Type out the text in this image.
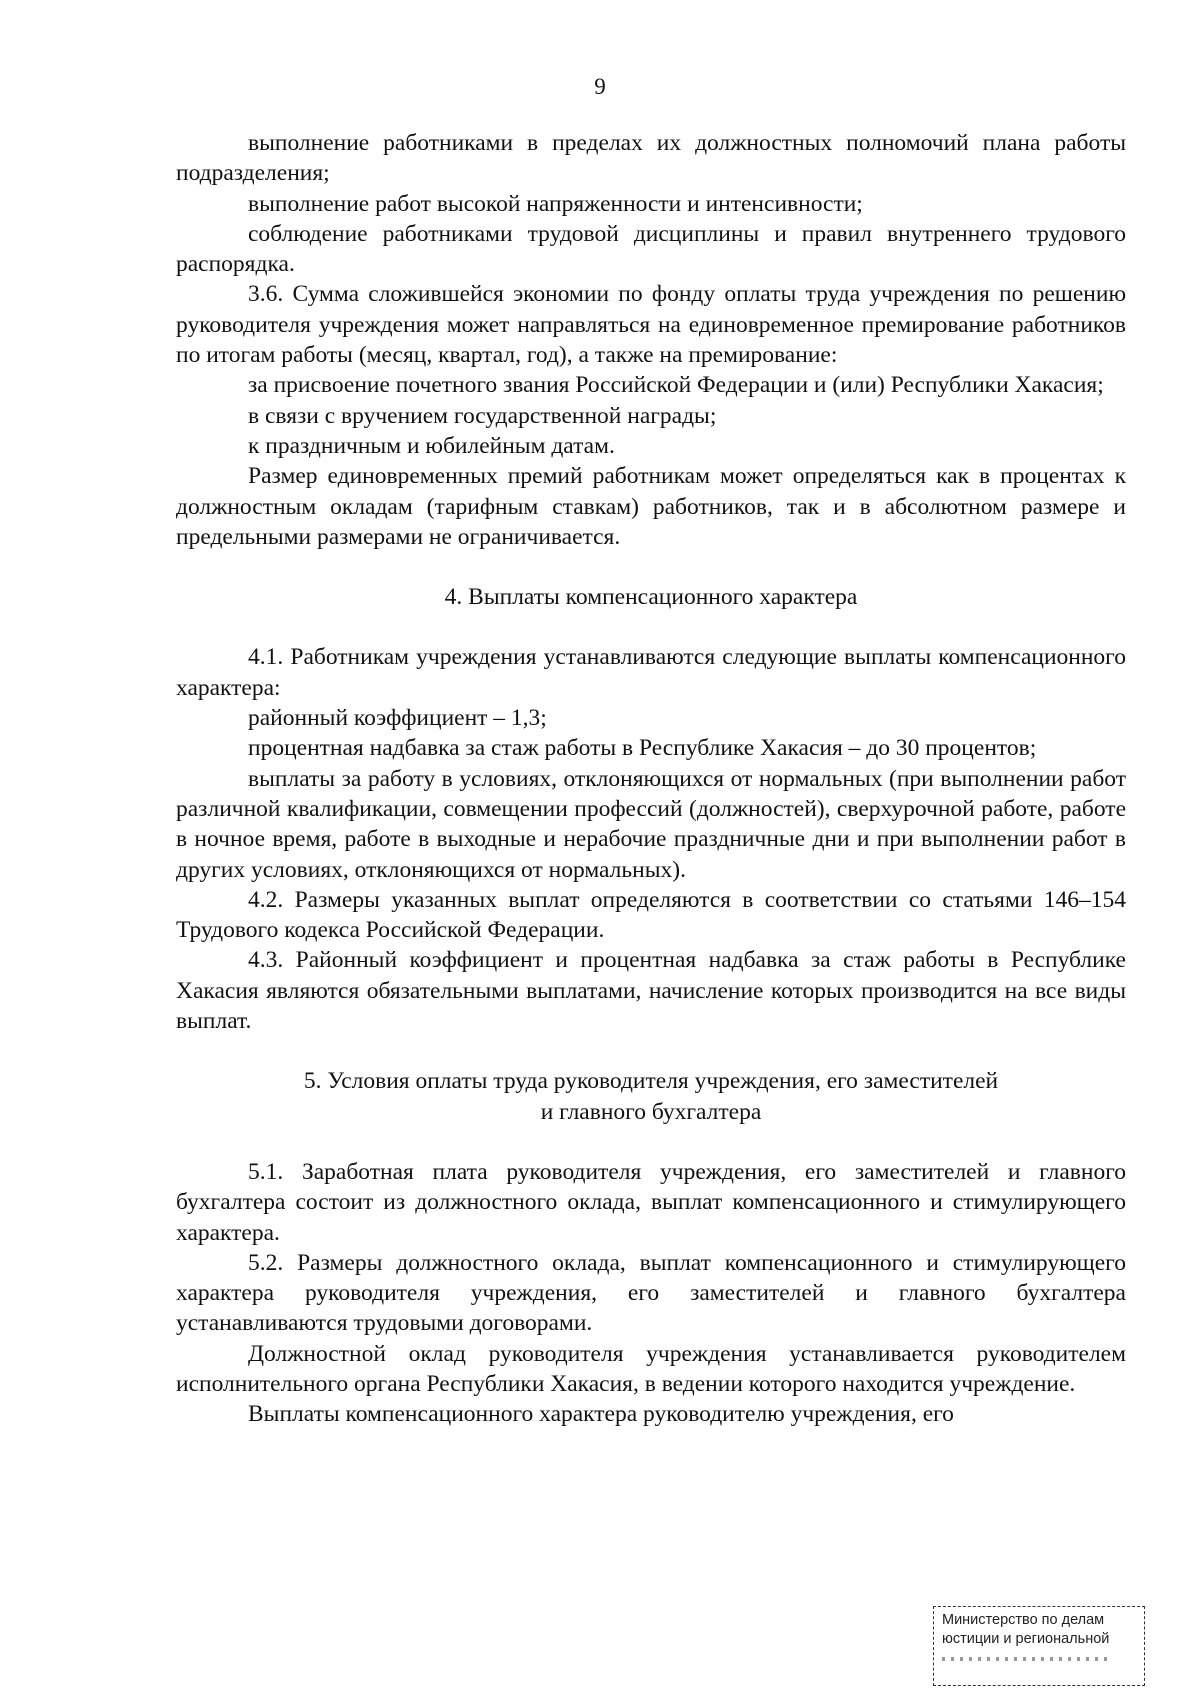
9

выполнение работниками в пределах их должностных полномочий плана работы подразделения;

выполнение работ высокой напряженности и интенсивности;

соблюдение работниками трудовой дисциплины и правил внутреннего трудового распорядка.

3.6. Сумма сложившейся экономии по фонду оплаты труда учреждения по решению руководителя учреждения может направляться на единовременное премирование работников по итогам работы (месяц, квартал, год), а также на премирование:

за присвоение почетного звания Российской Федерации и (или) Республики Хакасия;

в связи с вручением государственной награды;

к праздничным и юбилейным датам.

Размер единовременных премий работникам может определяться как в процентах к должностным окладам (тарифным ставкам) работников, так и в абсолютном размере и предельными размерами не ограничивается.

4. Выплаты компенсационного характера

4.1. Работникам учреждения устанавливаются следующие выплаты компенсационного характера:

районный коэффициент – 1,3;

процентная надбавка за стаж работы в Республике Хакасия – до 30 процентов;

выплаты за работу в условиях, отклоняющихся от нормальных (при выполнении работ различной квалификации, совмещении профессий (должностей), сверхурочной работе, работе в ночное время, работе в выходные и нерабочие праздничные дни и при выполнении работ в других условиях, отклоняющихся от нормальных).

4.2. Размеры указанных выплат определяются в соответствии со статьями 146–154 Трудового кодекса Российской Федерации.

4.3. Районный коэффициент и процентная надбавка за стаж работы в Республике Хакасия являются обязательными выплатами, начисление которых производится на все виды выплат.

5. Условия оплаты труда руководителя учреждения, его заместителей
и главного бухгалтера

5.1. Заработная плата руководителя учреждения, его заместителей и главного бухгалтера состоит из должностного оклада, выплат компенсационного и стимулирующего характера.

5.2. Размеры должностного оклада, выплат компенсационного и стимулирующего характера руководителя учреждения, его заместителей и главного бухгалтера устанавливаются трудовыми договорами.

Должностной оклад руководителя учреждения устанавливается руководителем исполнительного органа Республики Хакасия, в ведении которого находится учреждение.

Выплаты компенсационного характера руководителю учреждения, его

Министерство по делам
юстиции и региональной
